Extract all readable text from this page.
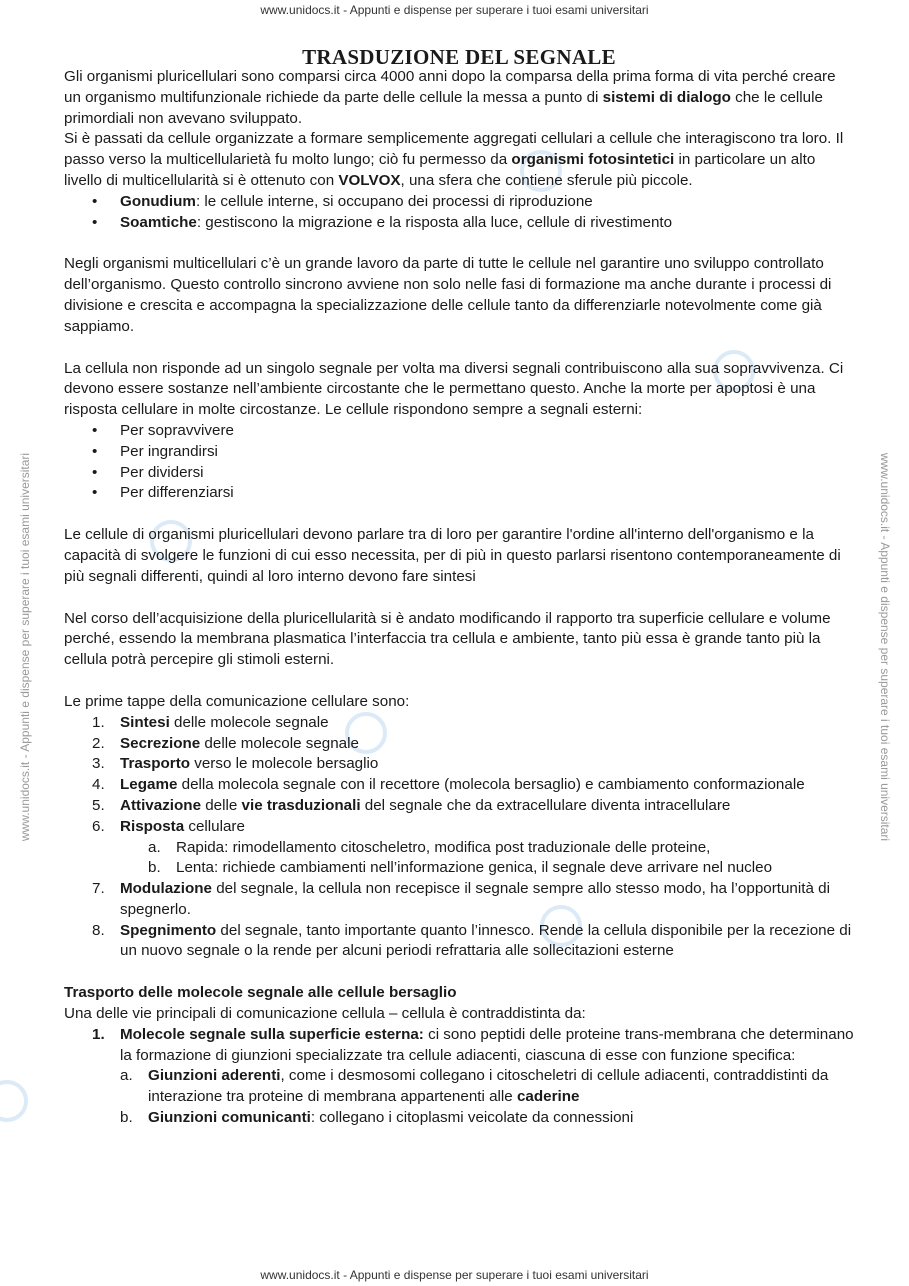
www.unidocs.it - Appunti e dispense per superare i tuoi esami universitari
www.unidocs.it - Appunti e dispense per superare i tuoi esami universitari	www.unidocs.it - Appunti e dispense per superare i tuoi esami universitari
TRASDUZIONE DEL SEGNALE

Gli organismi pluricellulari sono comparsi circa 4000 anni dopo la comparsa della prima forma di vita perché creare un organismo multifunzionale richiede da parte delle cellule la messa a punto di sistemi di dialogo che le cellule primordiali non avevano sviluppato.

Si è passati da cellule organizzate a formare semplicemente aggregati cellulari a cellule che interagiscono tra loro. Il passo verso la multicellularietà fu molto lungo; ciò fu permesso da organismi fotosintetici in particolare un alto livello di multicellularità si è ottenuto con VOLVOX, una sfera che contiene sferule più piccole.

• Gonudium: le cellule interne, si occupano dei processi di riproduzione
• Soamtiche: gestiscono la migrazione e la risposta alla luce, cellule di rivestimento

Negli organismi multicellulari c’è un grande lavoro da parte di tutte le cellule nel garantire uno sviluppo controllato dell’organismo. Questo controllo sincrono avviene non solo nelle fasi di formazione ma anche durante i processi di divisione e crescita e accompagna la specializzazione delle cellule tanto da differenziarle notevolmente come già sappiamo.

La cellula non risponde ad un singolo segnale per volta ma diversi segnali contribuiscono alla sua sopravvivenza. Ci devono essere sostanze nell’ambiente circostante che le permettano questo. Anche la morte per apoptosi è una risposta cellulare in molte circostanze. Le cellule rispondono sempre a segnali esterni:

• Per sopravvivere
• Per ingrandirsi
• Per dividersi
• Per differenziarsi

Le cellule di organismi pluricellulari devono parlare tra di loro per garantire l'ordine all'interno dell'organismo e la capacità di svolgere le funzioni di cui esso necessita, per di più in questo parlarsi risentono contemporaneamente di più segnali differenti, quindi al loro interno devono fare sintesi

Nel corso dell’acquisizione della pluricellularità si è andato modificando il rapporto tra superficie cellulare e volume perché, essendo la membrana plasmatica l’interfaccia tra cellula e ambiente, tanto più essa è grande tanto più la cellula potrà percepire gli stimoli esterni.

Le prime tappe della comunicazione cellulare sono:

1. Sintesi delle molecole segnale
2. Secrezione delle molecole segnale
3. Trasporto verso le molecole bersaglio
4. Legame della molecola segnale con il recettore (molecola bersaglio) e cambiamento conformazionale
5. Attivazione delle vie trasduzionali del segnale che da extracellulare diventa intracellulare
6. Risposta cellulare
a. Rapida: rimodellamento citoscheletro, modifica post traduzionale delle proteine,
b. Lenta: richiede cambiamenti nell’informazione genica, il segnale deve arrivare nel nucleo
7. Modulazione del segnale, la cellula non recepisce il segnale sempre allo stesso modo, ha l’opportunità di spegnerlo.
8. Spegnimento del segnale, tanto importante quanto l’innesco. Rende la cellula disponibile per la recezione di un nuovo segnale o la rende per alcuni periodi refrattaria alle sollecitazioni esterne

Trasporto delle molecole segnale alle cellule bersaglio

Una delle vie principali di comunicazione cellula – cellula è contraddistinta da:

1. Molecole segnale sulla superficie esterna: ci sono peptidi delle proteine trans-membrana che determinano la formazione di giunzioni specializzate tra cellule adiacenti, ciascuna di esse con funzione specifica:
a. Giunzioni aderenti, come i desmosomi collegano i citoscheletri di cellule adiacenti, contraddistinti da interazione tra proteine di membrana appartenenti alle caderine
b. Giunzioni comunicanti: collegano i citoplasmi veicolate da connessioni
www.unidocs.it - Appunti e dispense per superare i tuoi esami universitari
